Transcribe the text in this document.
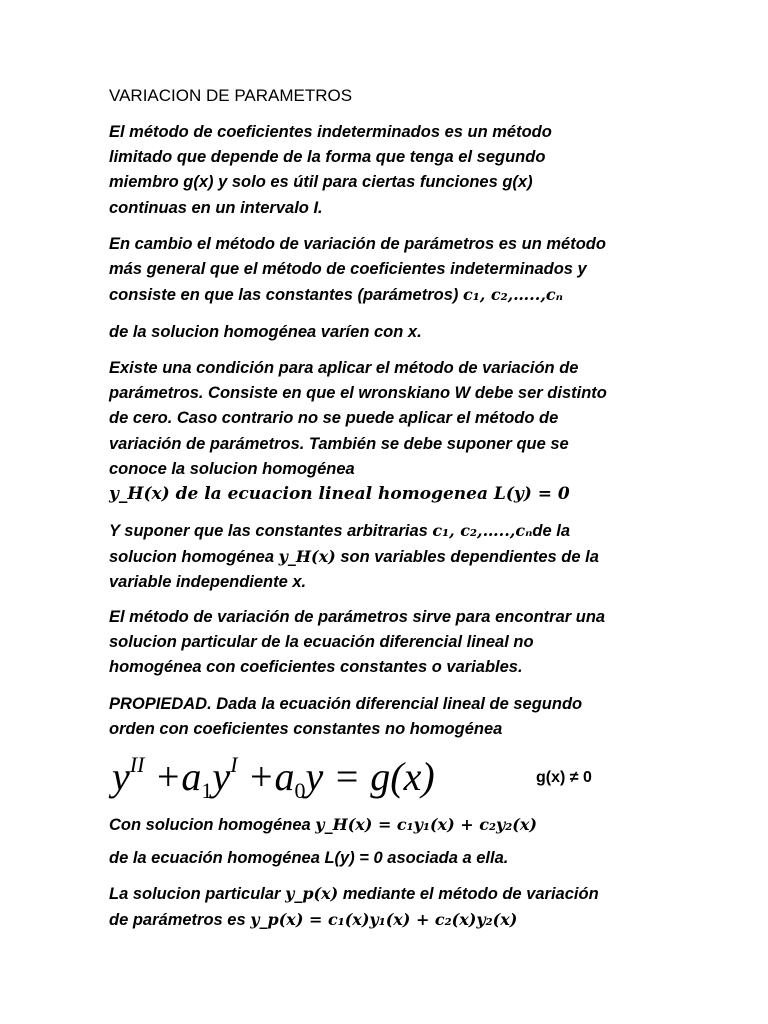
VARIACION DE PARAMETROS

El método de coeficientes indeterminados es un método
limitado que depende de la forma que tenga el segundo
miembro g(x) y solo es útil para ciertas funciones g(x)
continuas en un intervalo I.

En cambio el método de variación de parámetros es un método
más general que el método de coeficientes indeterminados y
consiste en que las constantes (parámetros) c₁, c₂,…..,cₙ

de la solucion homogénea varíen con x.

Existe una condición para aplicar el método de variación de
parámetros. Consiste en que el wronskiano W debe ser distinto
de cero. Caso contrario no se puede aplicar el método de
variación de parámetros. También se debe suponer que se
conoce la solucion homogénea
y_H(x) de la ecuacion lineal homogenea L(y) = 0

Y suponer que las constantes arbitrarias c₁, c₂,…..,cₙde la
solucion homogénea y_H(x) son variables dependientes de la
variable independiente x.

El método de variación de parámetros sirve para encontrar una
solucion particular de la ecuación diferencial lineal no
homogénea con coeficientes constantes o variables.

PROPIEDAD. Dada la ecuación diferencial lineal de segundo
orden con coeficientes constantes no homogénea

$y^{II} +a_1y^I +a_0y = g(x)$	g(x) ≠ 0

Con solucion homogénea y_H(x) = c₁y₁(x) + c₂y₂(x)

de la ecuación homogénea L(y) = 0 asociada a ella.

La solucion particular y_p(x) mediante el método de variación
de parámetros es y_p(x) = c₁(x)y₁(x) + c₂(x)y₂(x)
